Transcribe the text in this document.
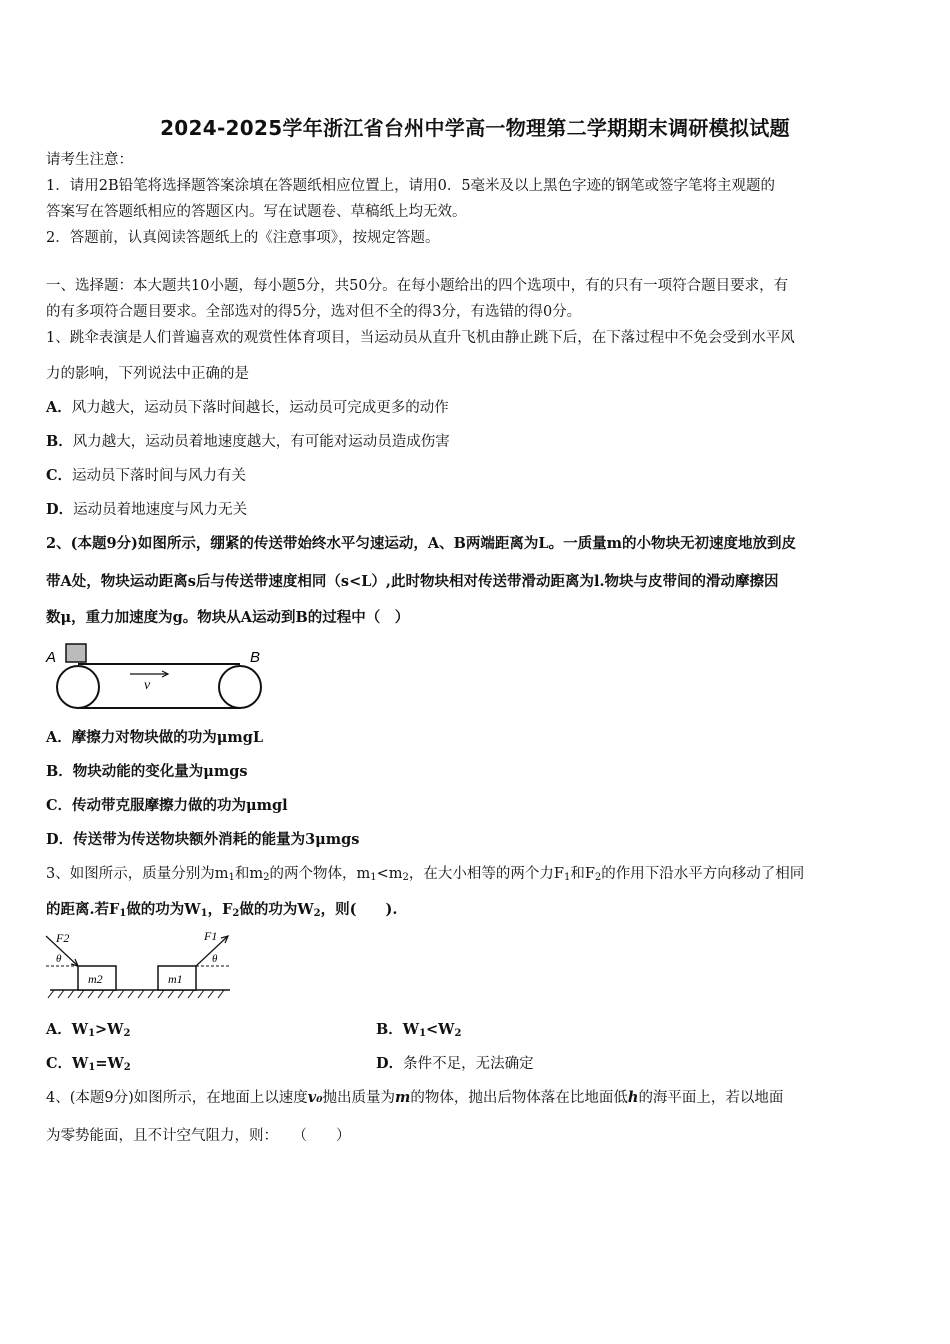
2024-2025学年浙江省台州中学高一物理第二学期期末调研模拟试题
请考生注意：
1．请用2B铅笔将选择题答案涂填在答题纸相应位置上，请用0．5毫米及以上黑色字迹的钢笔或签字笔将主观题的
答案写在答题纸相应的答题区内。写在试题卷、草稿纸上均无效。
2．答题前，认真阅读答题纸上的《注意事项》，按规定答题。
一、选择题：本大题共10小题，每小题5分，共50分。在每小题给出的四个选项中，有的只有一项符合题目要求，有
的有多项符合题目要求。全部选对的得5分，选对但不全的得3分，有选错的得0分。
1、跳伞表演是人们普遍喜欢的观赏性体育项目，当运动员从直升飞机由静止跳下后，在下落过程中不免会受到水平风
力的影响，下列说法中正确的是
A．风力越大，运动员下落时间越长，运动员可完成更多的动作
B．风力越大，运动员着地速度越大，有可能对运动员造成伤害
C．运动员下落时间与风力有关
D．运动员着地速度与风力无关
2、(本题9分)如图所示，绷紧的传送带始终水平匀速运动，A、B两端距离为L。一质量m的小物块无初速度地放到皮
带A处，物块运动距离s后与传送带速度相同（s<L）,此时物块相对传送带滑动距离为l.物块与皮带间的滑动摩擦因
数μ，重力加速度为g。物块从A运动到B的过程中（　）
A	B
v
A．摩擦力对物块做的功为μmgL
B．物块动能的变化量为μmgs
C．传动带克服摩擦力做的功为μmgl
D．传送带为传送物块额外消耗的能量为3μmgs
3、如图所示，质量分别为$m_1$和$m_2$的两个物体，$m_1<m_2$，在大小相等的两个力$F_1$和$F_2$的作用下沿水平方向移动了相同
的距离.若$F_1$做的功为$W_1$，$F_2$做的功为$W_2$，则(　　).
m2	m1
F2
θ
F1
θ
A．$W_1>W_2$	B．$W_1<W_2$
C．$W_1=W_2$	D．条件不足，无法确定
4、(本题9分)如图所示，在地面上以速度v₀抛出质量为m的物体，抛出后物体落在比地面低h的海平面上，若以地面
为零势能面，且不计空气阻力，则：　　（　　）
